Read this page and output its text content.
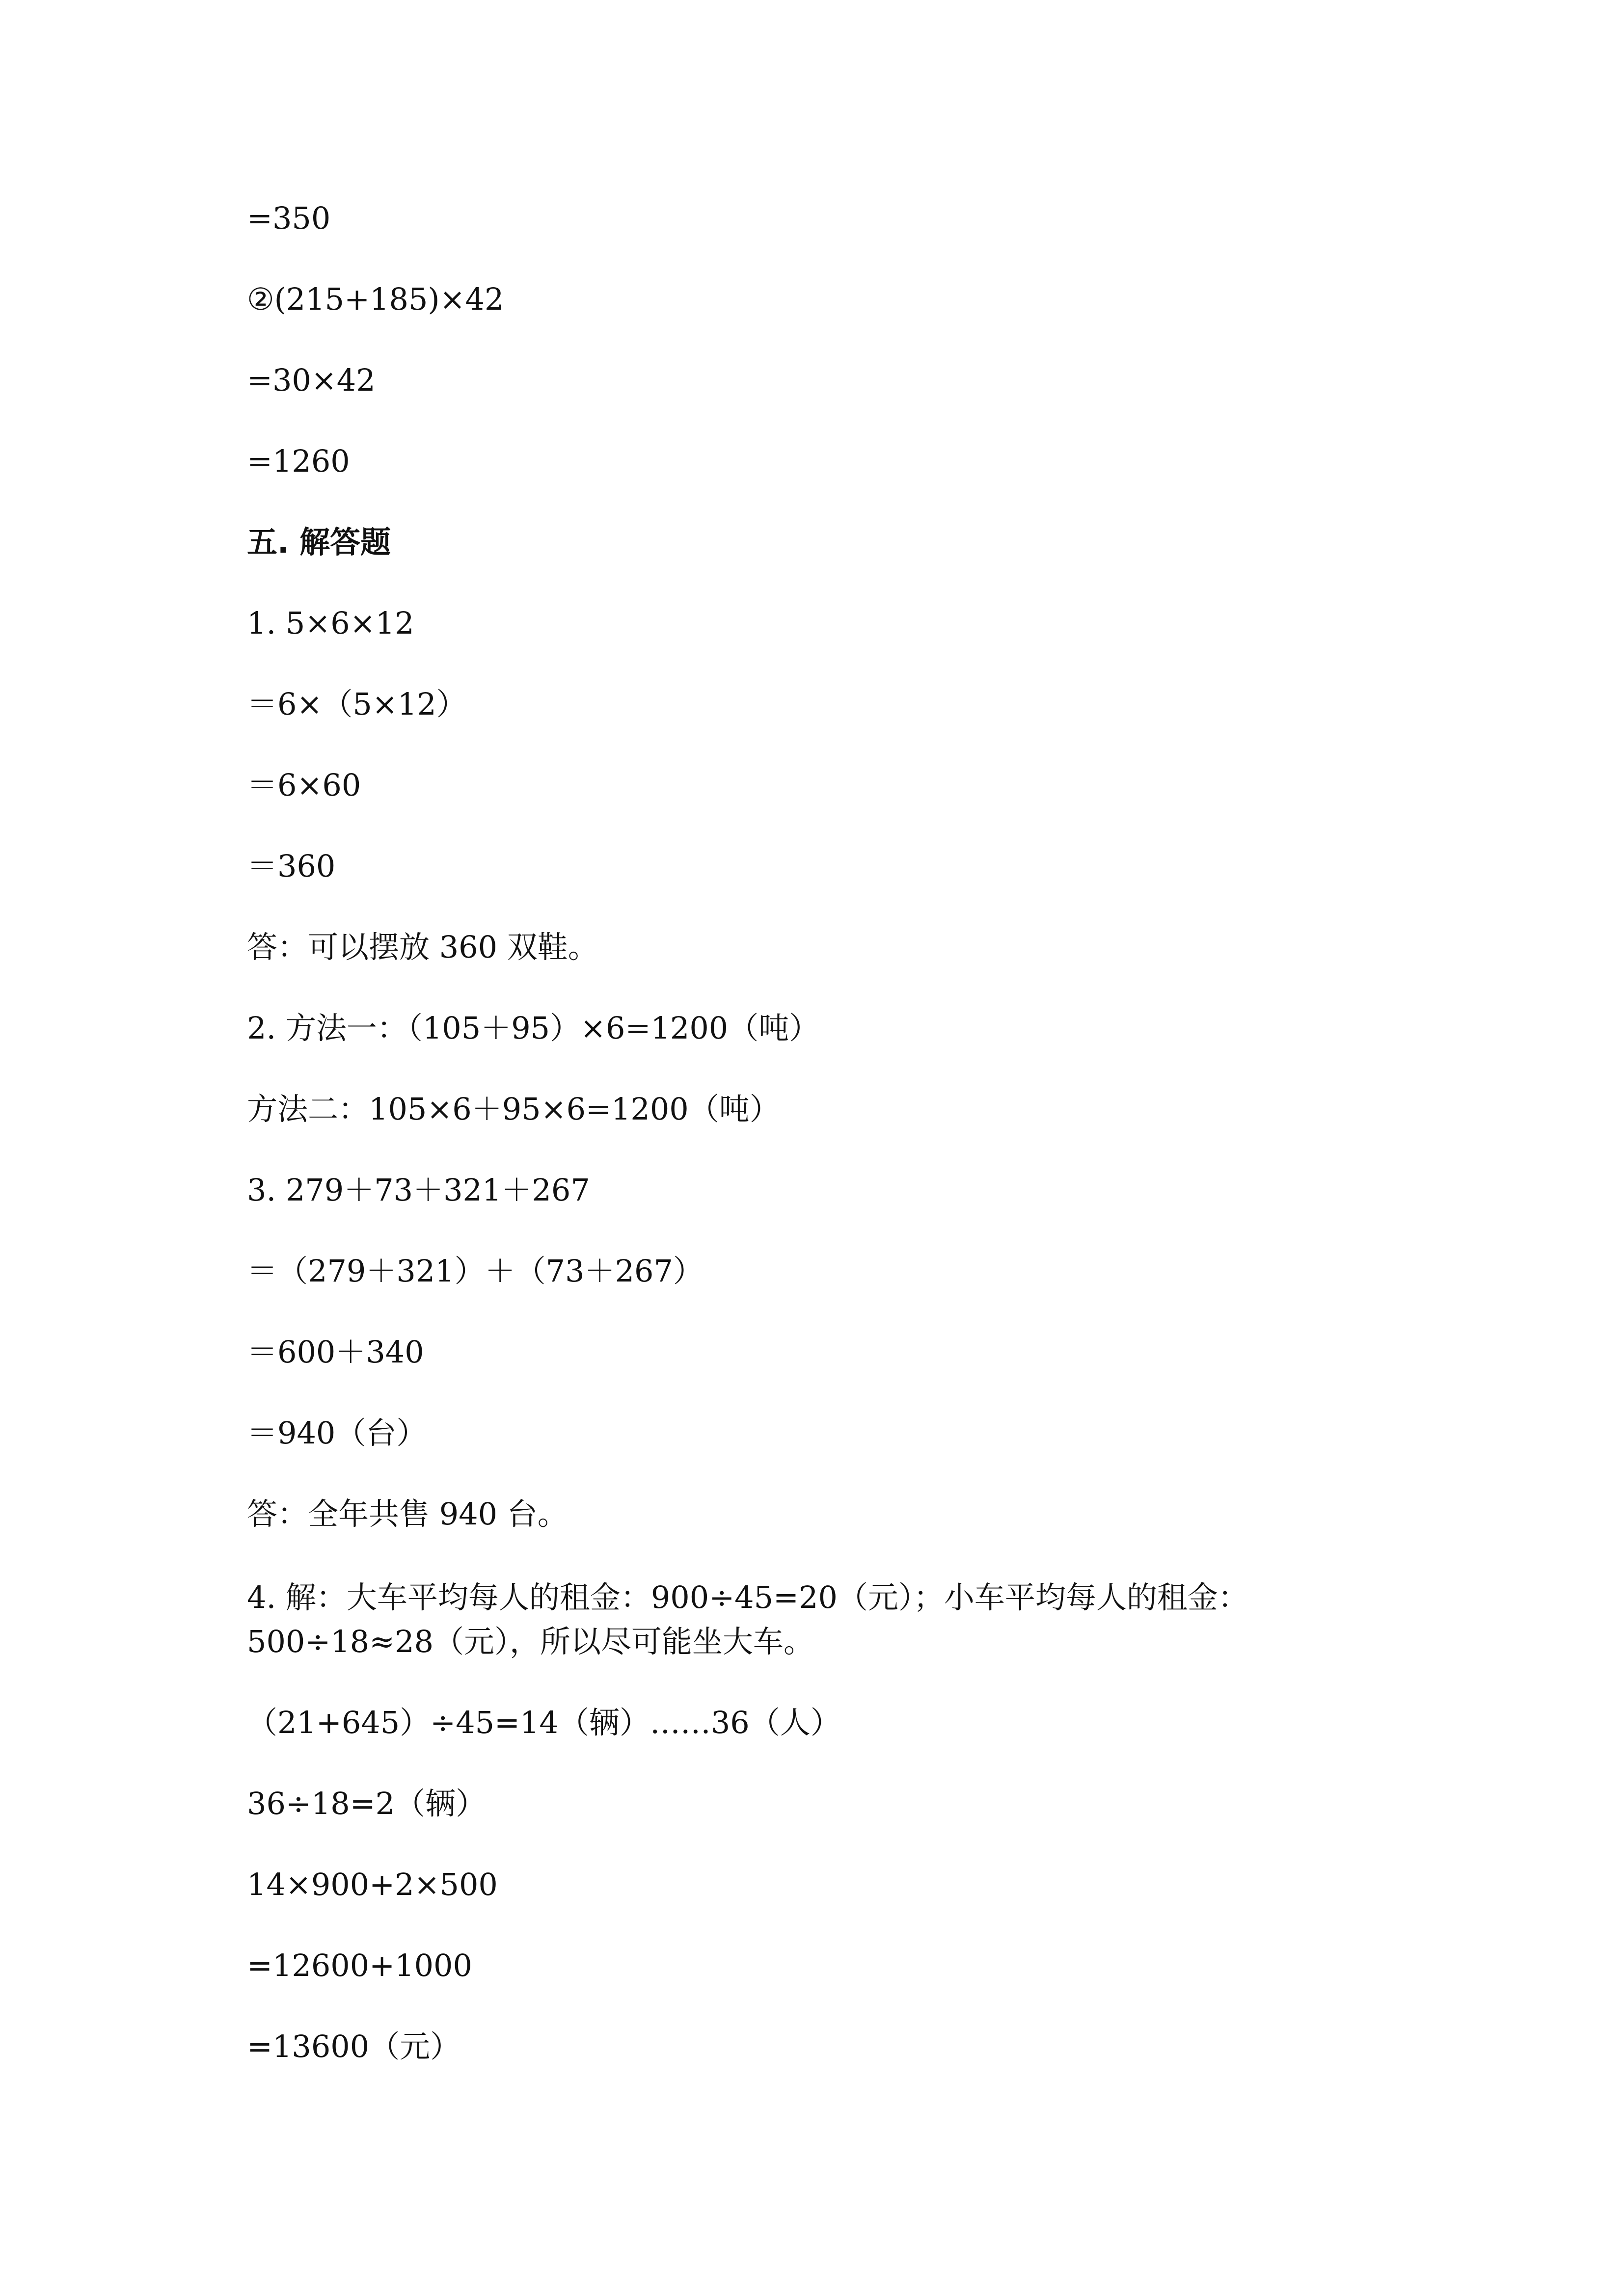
=350

②(215+185)×42

=30×42

=1260

五. 解答题

1. 5×6×12

＝6×（5×12）

＝6×60

＝360

答：可以摆放 360 双鞋。

2. 方法一：（105＋95）×6=1200（吨）

方法二：105×6＋95×6=1200（吨）

3. 279＋73＋321＋267

＝（279＋321）＋（73＋267）

＝600＋340

＝940（台）

答：全年共售 940 台。

4. 解：大车平均每人的租金：900÷45=20（元）；小车平均每人的租金：

500÷18≈28（元），所以尽可能坐大车。

（21+645）÷45=14（辆）……36（人）

36÷18=2（辆）

14×900+2×500

=12600+1000

=13600（元）
